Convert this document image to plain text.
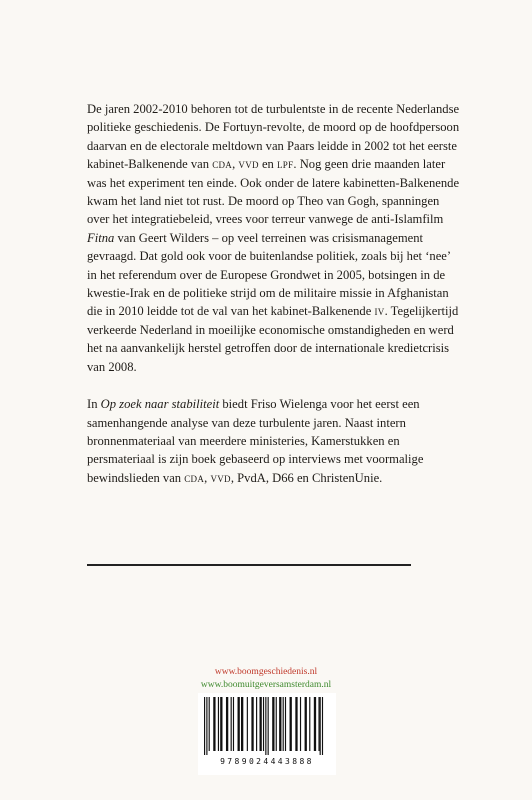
De jaren 2002-2010 behoren tot de turbulentste in de recente Nederlandse politieke geschiedenis. De Fortuyn-revolte, de moord op de hoofdpersoon daarvan en de electorale meltdown van Paars leidde in 2002 tot het eerste kabinet-Balkenende van cda, vvd en lpf. Nog geen drie maanden later was het experiment ten einde. Ook onder de latere kabinetten-Balkenende kwam het land niet tot rust. De moord op Theo van Gogh, spanningen over het integratiebeleid, vrees voor terreur vanwege de anti-Islamfilm Fitna van Geert Wilders – op veel terreinen was crisismanagement gevraagd. Dat gold ook voor de buitenlandse politiek, zoals bij het ‘nee’ in het referendum over de Europese Grondwet in 2005, botsingen in de kwestie-Irak en de politieke strijd om de militaire missie in Afghanistan die in 2010 leidde tot de val van het kabinet-Balkenende iv. Tegelijkertijd verkeerde Nederland in moeilijke economische omstandigheden en werd het na aanvankelijk herstel getroffen door de internationale kredietcrisis van 2008.

In Op zoek naar stabiliteit biedt Friso Wielenga voor het eerst een samenhangende analyse van deze turbulente jaren. Naast intern bronnenmateriaal van meerdere ministeries, Kamerstukken en persmateriaal is zijn boek gebaseerd op interviews met voormalige bewindslieden van cda, vvd, PvdA, D66 en ChristenUnie.

www.boomgeschiedenis.nl
www.boomuitgeversamsterdam.nl
9789024443888
